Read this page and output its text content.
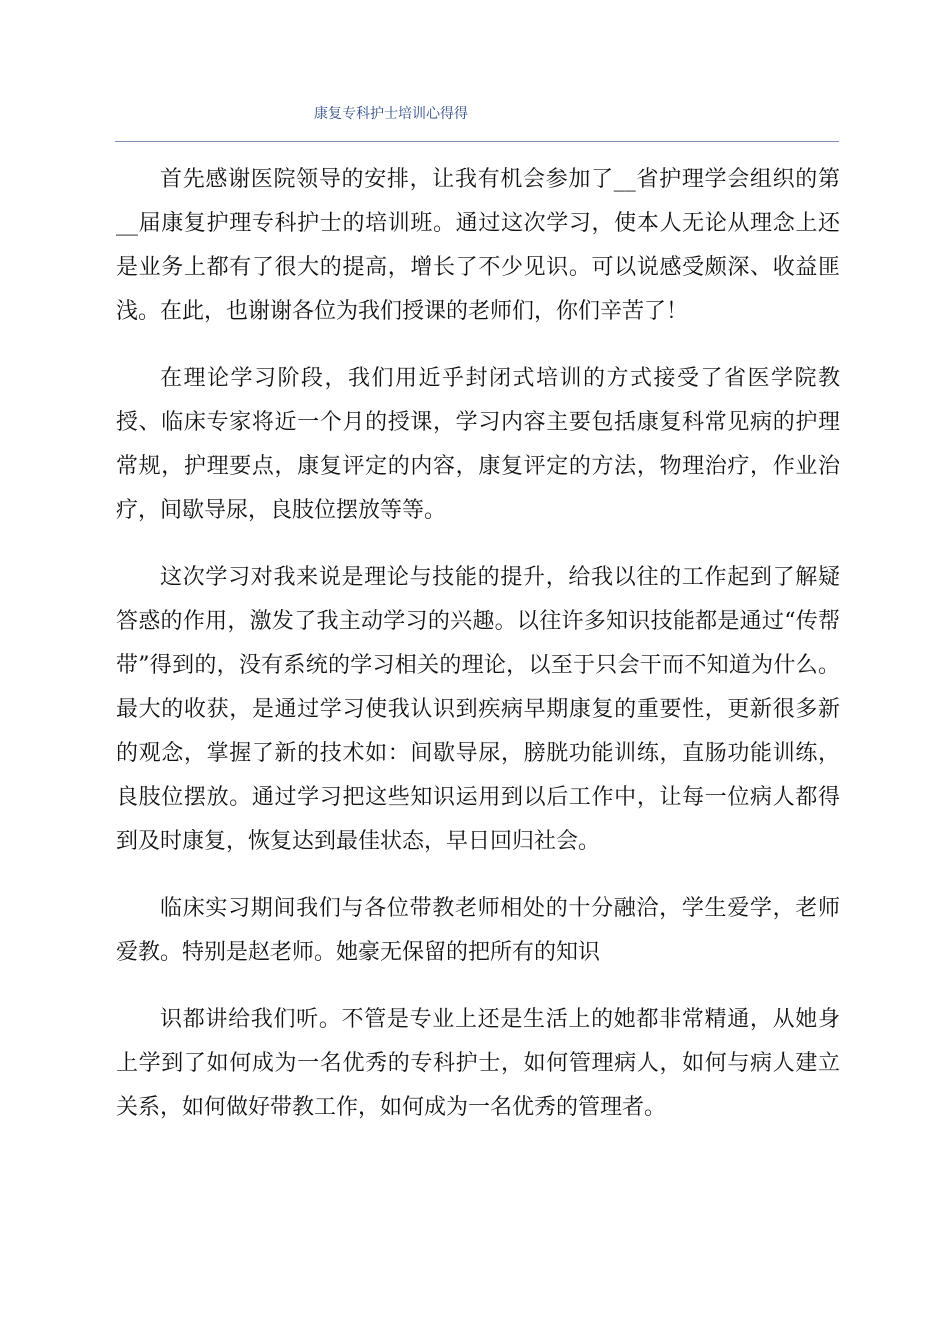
康复专科护士培训心得得

首先感谢医院领导的安排，让我有机会参加了__省护理学会组织的第__届康复护理专科护士的培训班。通过这次学习，使本人无论从理念上还是业务上都有了很大的提高，增长了不少见识。可以说感受颇深、收益匪浅。在此，也谢谢各位为我们授课的老师们，你们辛苦了！

在理论学习阶段，我们用近乎封闭式培训的方式接受了省医学院教授、临床专家将近一个月的授课，学习内容主要包括康复科常见病的护理常规，护理要点，康复评定的内容，康复评定的方法，物理治疗，作业治疗，间歇导尿，良肢位摆放等等。

这次学习对我来说是理论与技能的提升，给我以往的工作起到了解疑答惑的作用，激发了我主动学习的兴趣。以往许多知识技能都是通过“传帮带”得到的，没有系统的学习相关的理论，以至于只会干而不知道为什么。最大的收获，是通过学习使我认识到疾病早期康复的重要性，更新很多新的观念，掌握了新的技术如：间歇导尿，膀胱功能训练，直肠功能训练，良肢位摆放。通过学习把这些知识运用到以后工作中，让每一位病人都得到及时康复，恢复达到最佳状态，早日回归社会。

临床实习期间我们与各位带教老师相处的十分融洽，学生爱学，老师爱教。特别是赵老师。她豪无保留的把所有的知识

识都讲给我们听。不管是专业上还是生活上的她都非常精通，从她身上学到了如何成为一名优秀的专科护士，如何管理病人，如何与病人建立关系，如何做好带教工作，如何成为一名优秀的管理者。
